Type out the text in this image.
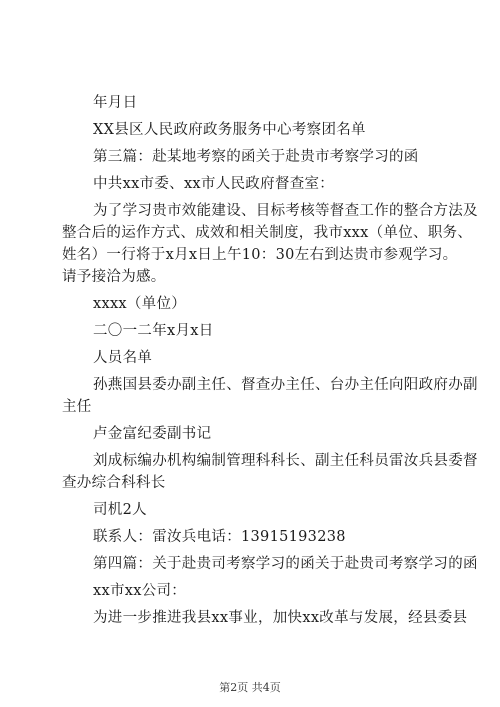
年月日
XX县区人民政府政务服务中心考察团名单
第三篇：赴某地考察的函关于赴贵市考察学习的函
中共xx市委、xx市人民政府督查室：
为了学习贵市效能建设、目标考核等督查工作的整合方法及
整合后的运作方式、成效和相关制度，我市xxx（单位、职务、
姓名）一行将于x月x日上午10：30左右到达贵市参观学习。
请予接洽为感。
xxxx（单位）
二〇一二年x月x日
人员名单
孙燕国县委办副主任、督查办主任、台办主任向阳政府办副
主任
卢金富纪委副书记
刘成标编办机构编制管理科科长、副主任科员雷汝兵县委督
查办综合科科长
司机2人
联系人：雷汝兵电话：13915193238
第四篇：关于赴贵司考察学习的函关于赴贵司考察学习的函
xx市xx公司：
为进一步推进我县xx事业，加快xx改革与发展，经县委县
第2页 共4页
